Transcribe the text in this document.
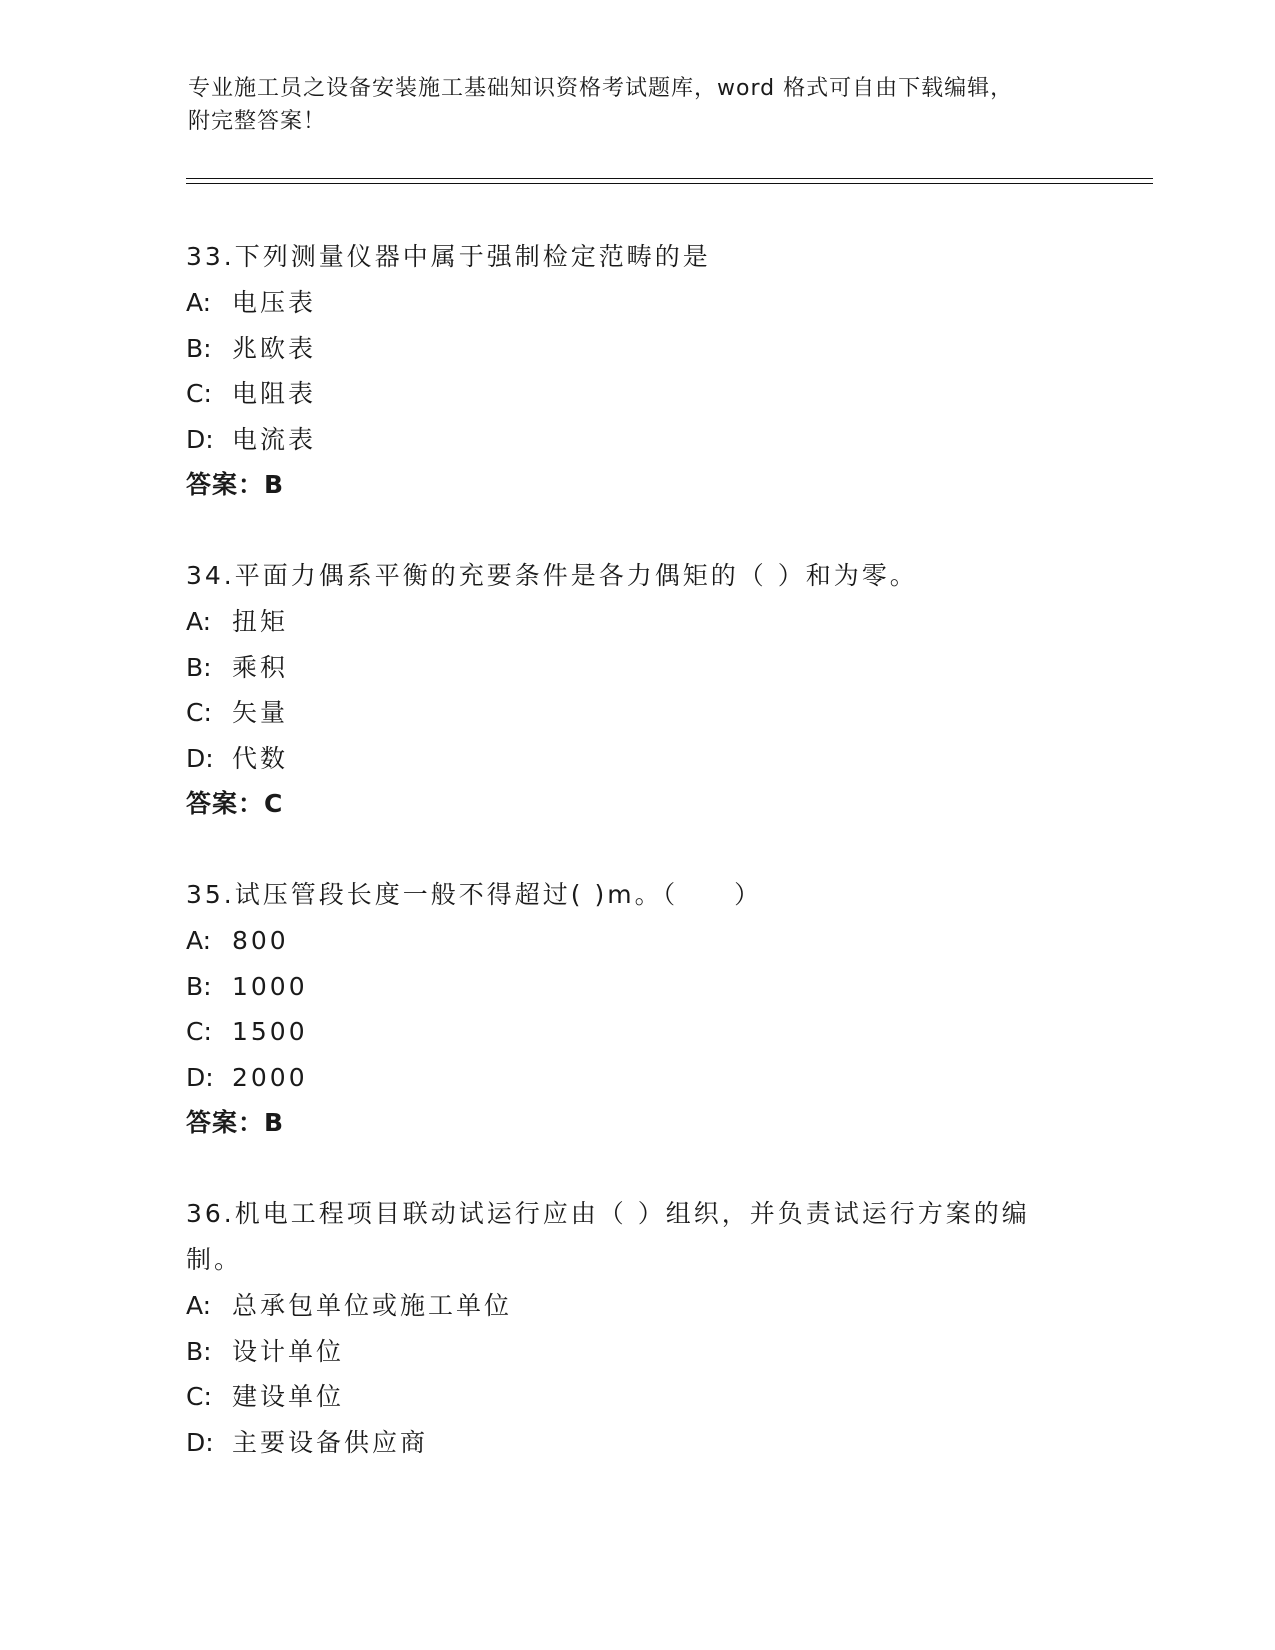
专业施工员之设备安装施工基础知识资格考试题库，word 格式可自由下载编辑，
附完整答案！

33.下列测量仪器中属于强制检定范畴的是

A: 电压表
B: 兆欧表
C: 电阻表
D: 电流表
答案：B

34.平面力偶系平衡的充要条件是各力偶矩的（ ）和为零。

A: 扭矩
B: 乘积
C: 矢量
D: 代数
答案：C

35.试压管段长度一般不得超过( )m。（　　）

A: 800
B: 1000
C: 1500
D: 2000
答案：B

36.机电工程项目联动试运行应由（ ）组织，并负责试运行方案的编制。

A: 总承包单位或施工单位
B: 设计单位
C: 建设单位
D: 主要设备供应商
